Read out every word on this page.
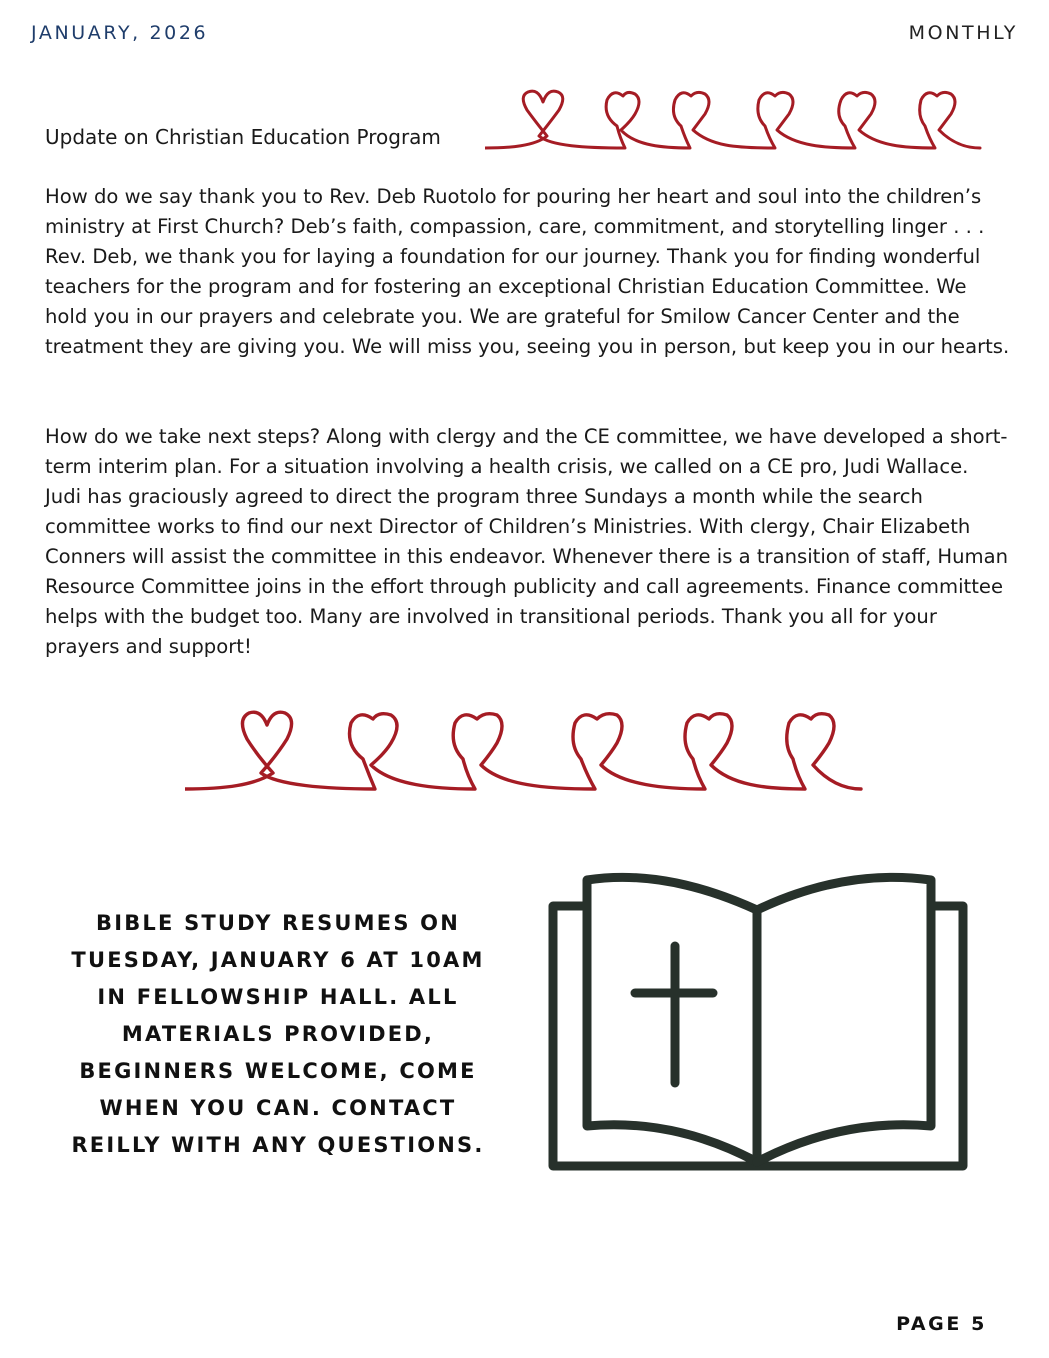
JANUARY, 2026	MONTHLY
Update on Christian Education Program

How do we say thank you to Rev. Deb Ruotolo for pouring her heart and soul into the children’s ministry at First Church? Deb’s faith, compassion, care, commitment, and storytelling linger . . . Rev. Deb, we thank you for laying a foundation for our journey. Thank you for finding wonderful teachers for the program and for fostering an exceptional Christian Education Committee. We hold you in our prayers and celebrate you. We are grateful for Smilow Cancer Center and the treatment they are giving you. We will miss you, seeing you in person, but keep you in our hearts.

How do we take next steps? Along with clergy and the CE committee, we have developed a short-term interim plan. For a situation involving a health crisis, we called on a CE pro, Judi Wallace. Judi has graciously agreed to direct the program three Sundays a month while the search committee works to find our next Director of Children’s Ministries. With clergy, Chair Elizabeth Conners will assist the committee in this endeavor. Whenever there is a transition of staff, Human Resource Committee joins in the effort through publicity and call agreements. Finance committee helps with the budget too. Many are involved in transitional periods. Thank you all for your prayers and support!

BIBLE STUDY RESUMES ON TUESDAY, JANUARY 6 AT 10AM IN FELLOWSHIP HALL. ALL MATERIALS PROVIDED, BEGINNERS WELCOME, COME WHEN YOU CAN. CONTACT REILLY WITH ANY QUESTIONS.
PAGE 5
